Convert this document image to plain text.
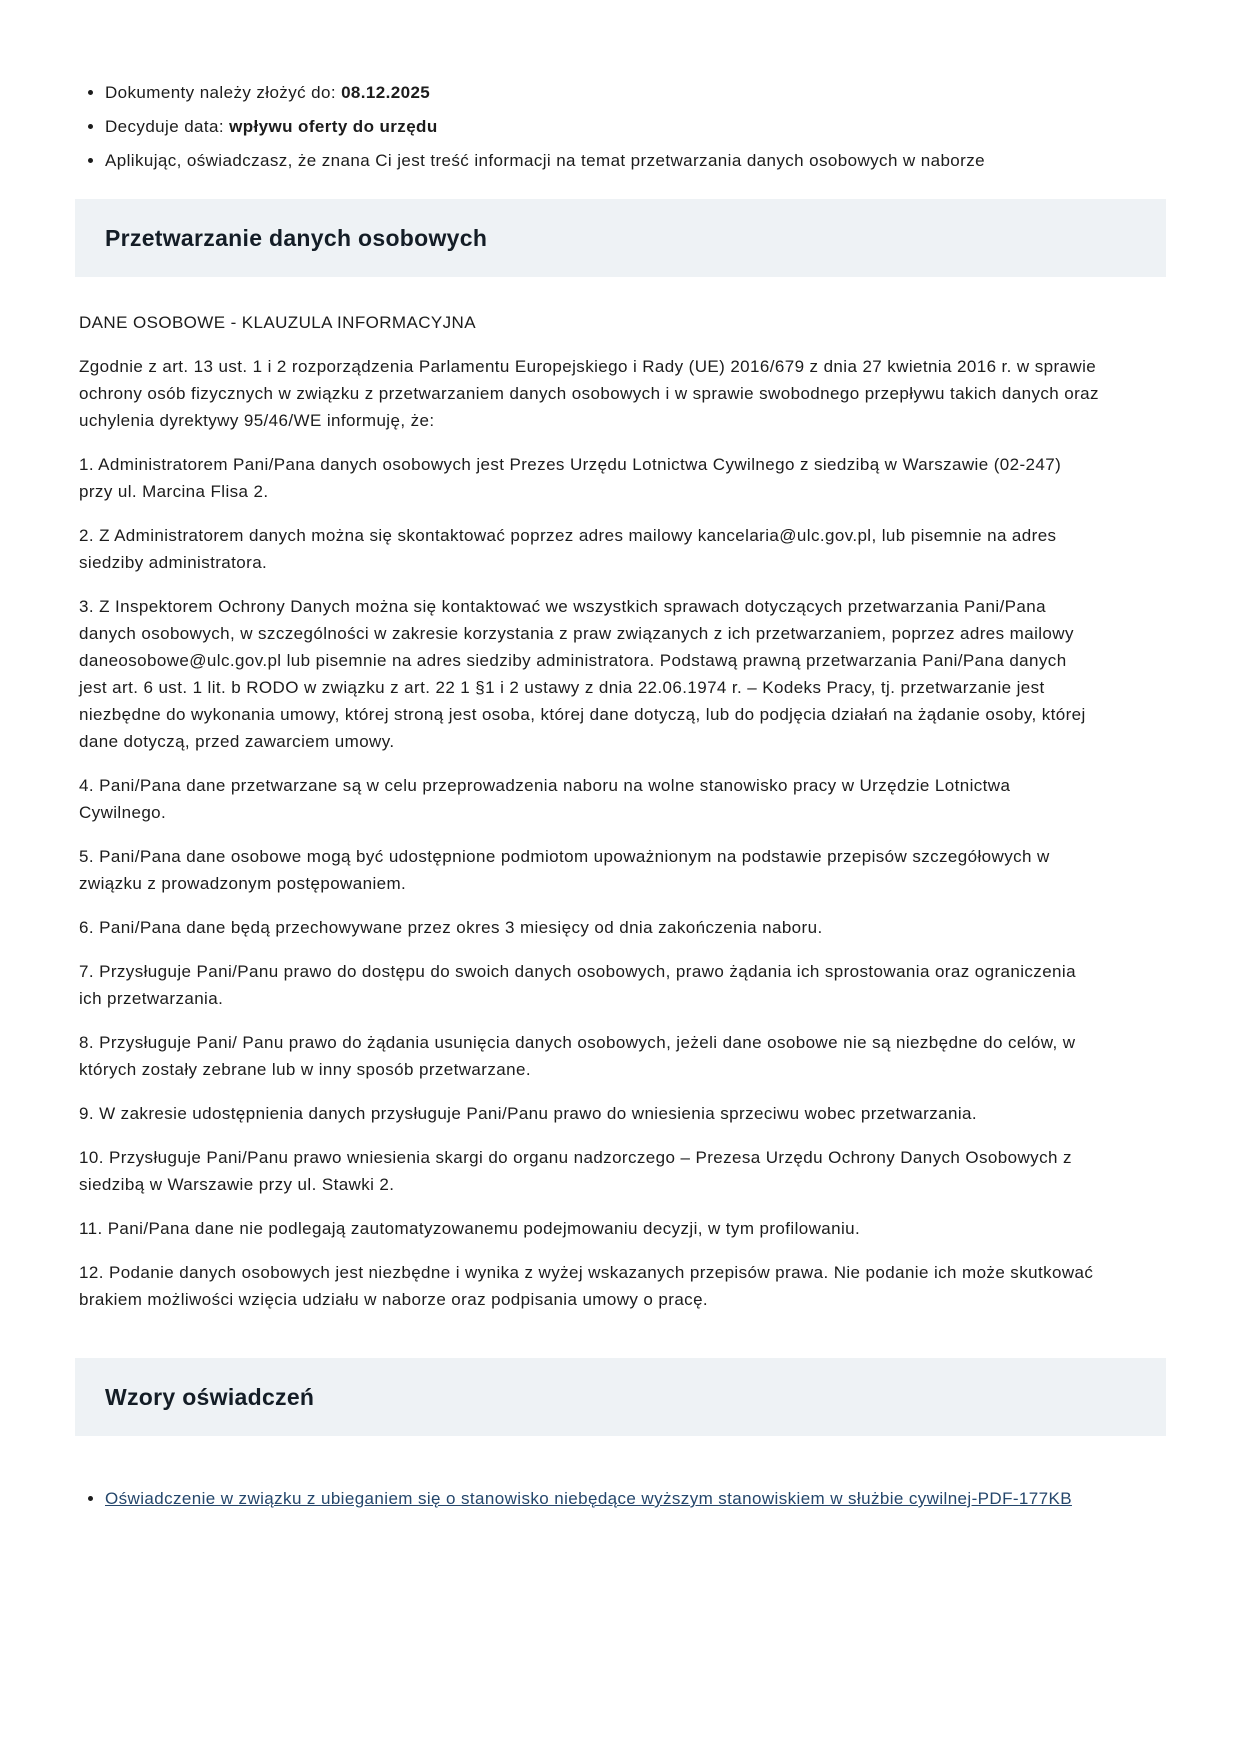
• Dokumenty należy złożyć do: 08.12.2025
• Decyduje data: wpływu oferty do urzędu
• Aplikując, oświadczasz, że znana Ci jest treść informacji na temat przetwarzania danych osobowych w naborze
Przetwarzanie danych osobowych

DANE OSOBOWE - KLAUZULA INFORMACYJNA

Zgodnie z art. 13 ust. 1 i 2 rozporządzenia Parlamentu Europejskiego i Rady (UE) 2016/679 z dnia 27 kwietnia 2016 r. w sprawie ochrony osób fizycznych w związku z przetwarzaniem danych osobowych i w sprawie swobodnego przepływu takich danych oraz uchylenia dyrektywy 95/46/WE informuję, że:

1. Administratorem Pani/Pana danych osobowych jest Prezes Urzędu Lotnictwa Cywilnego z siedzibą w Warszawie (02-247) przy ul. Marcina Flisa 2.

2. Z Administratorem danych można się skontaktować poprzez adres mailowy kancelaria@ulc.gov.pl, lub pisemnie na adres siedziby administratora.

3. Z Inspektorem Ochrony Danych można się kontaktować we wszystkich sprawach dotyczących przetwarzania Pani/Pana danych osobowych, w szczególności w zakresie korzystania z praw związanych z ich przetwarzaniem, poprzez adres mailowy daneosobowe@ulc.gov.pl lub pisemnie na adres siedziby administratora. Podstawą prawną przetwarzania Pani/Pana danych jest art. 6 ust. 1 lit. b RODO w związku z art. 22 1 §1 i 2 ustawy z dnia 22.06.1974 r. – Kodeks Pracy, tj. przetwarzanie jest niezbędne do wykonania umowy, której stroną jest osoba, której dane dotyczą, lub do podjęcia działań na żądanie osoby, której dane dotyczą, przed zawarciem umowy.

4. Pani/Pana dane przetwarzane są w celu przeprowadzenia naboru na wolne stanowisko pracy w Urzędzie Lotnictwa Cywilnego.

5. Pani/Pana dane osobowe mogą być udostępnione podmiotom upoważnionym na podstawie przepisów szczegółowych w związku z prowadzonym postępowaniem.

6. Pani/Pana dane będą przechowywane przez okres 3 miesięcy od dnia zakończenia naboru.

7. Przysługuje Pani/Panu prawo do dostępu do swoich danych osobowych, prawo żądania ich sprostowania oraz ograniczenia ich przetwarzania.

8. Przysługuje Pani/ Panu prawo do żądania usunięcia danych osobowych, jeżeli dane osobowe nie są niezbędne do celów, w których zostały zebrane lub w inny sposób przetwarzane.

9. W zakresie udostępnienia danych przysługuje Pani/Panu prawo do wniesienia sprzeciwu wobec przetwarzania.

10. Przysługuje Pani/Panu prawo wniesienia skargi do organu nadzorczego – Prezesa Urzędu Ochrony Danych Osobowych z siedzibą w Warszawie przy ul. Stawki 2.

11. Pani/Pana dane nie podlegają zautomatyzowanemu podejmowaniu decyzji, w tym profilowaniu.

12. Podanie danych osobowych jest niezbędne i wynika z wyżej wskazanych przepisów prawa. Nie podanie ich może skutkować brakiem możliwości wzięcia udziału w naborze oraz podpisania umowy o pracę.

Wzory oświadczeń
• Oświadczenie w związku z ubieganiem się o stanowisko niebędące wyższym stanowiskiem w służbie cywilnej-PDF-177KB
